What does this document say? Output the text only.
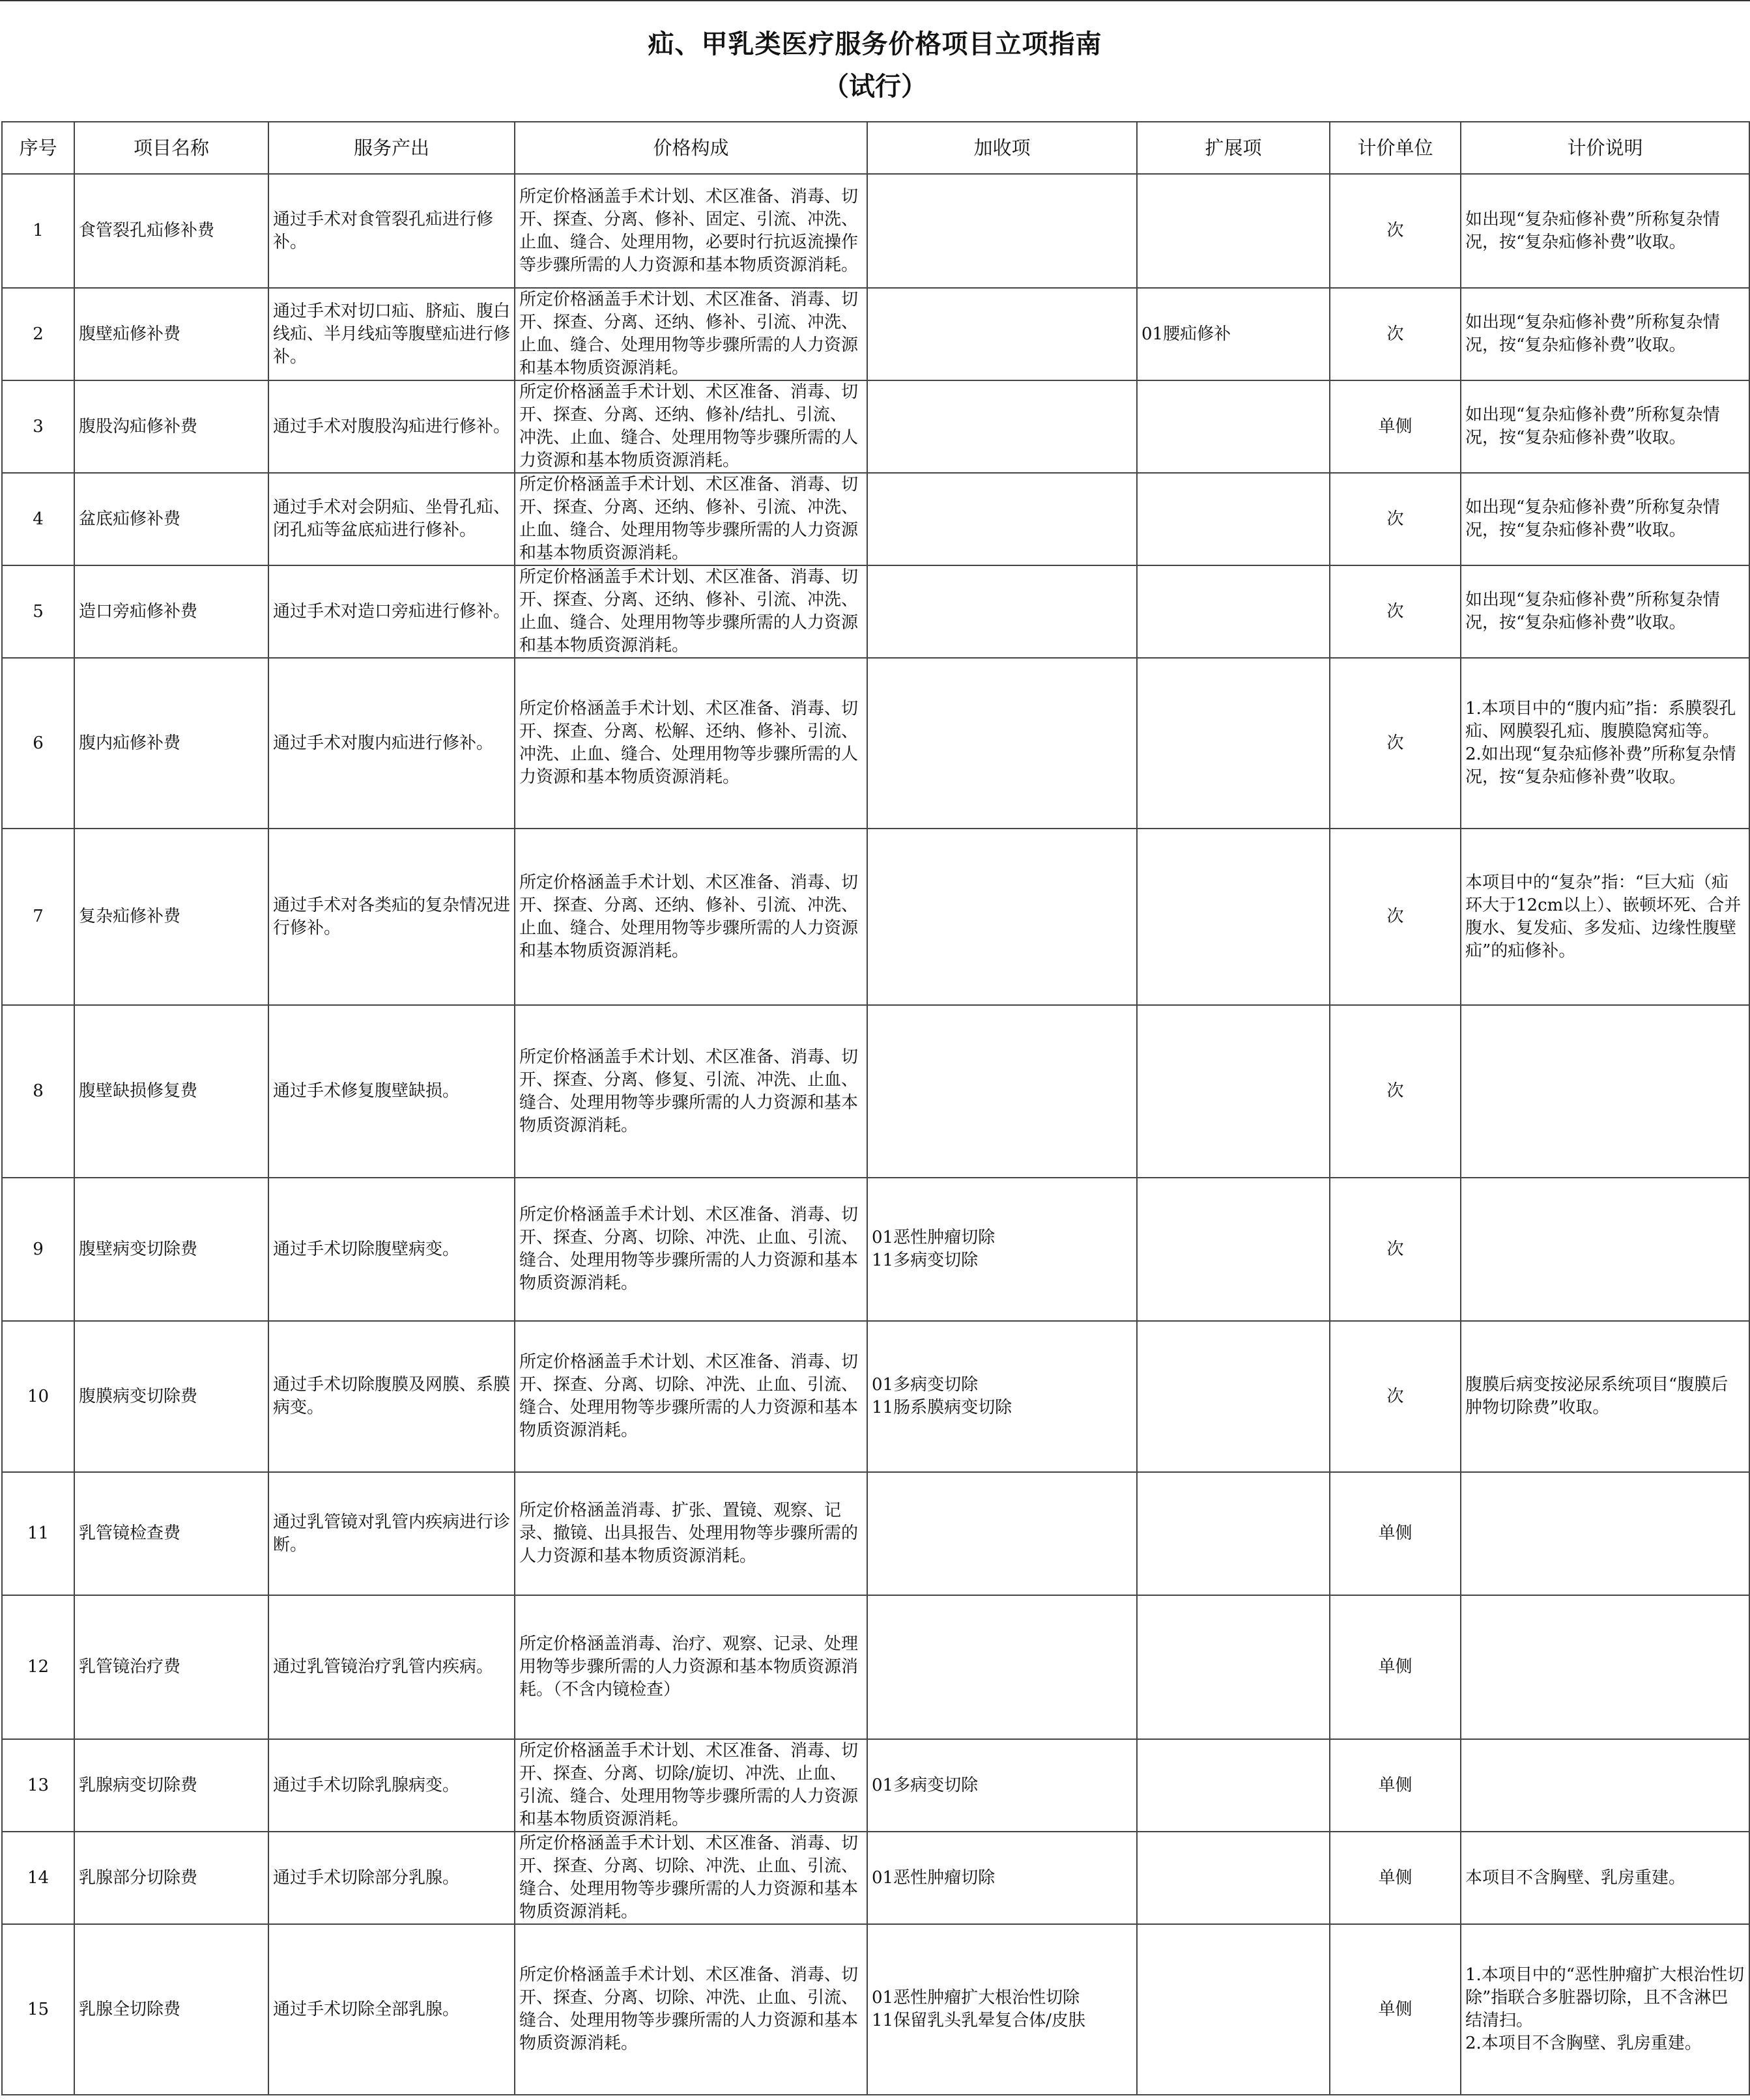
疝、甲乳类医疗服务价格项目立项指南
（试行）
序号	项目名称	服务产出	价格构成	加收项	扩展项	计价单位	计价说明
1	食管裂孔疝修补费	通过手术对食管裂孔疝进行修补。	所定价格涵盖手术计划、术区准备、消毒、切开、探查、分离、修补、固定、引流、冲洗、止血、缝合、处理用物，必要时行抗返流操作等步骤所需的人力资源和基本物质资源消耗。			次	如出现“复杂疝修补费”所称复杂情况，按“复杂疝修补费”收取。
2	腹壁疝修补费	通过手术对切口疝、脐疝、腹白线疝、半月线疝等腹壁疝进行修补。	所定价格涵盖手术计划、术区准备、消毒、切开、探查、分离、还纳、修补、引流、冲洗、止血、缝合、处理用物等步骤所需的人力资源和基本物质资源消耗。		01腰疝修补	次	如出现“复杂疝修补费”所称复杂情况，按“复杂疝修补费”收取。
3	腹股沟疝修补费	通过手术对腹股沟疝进行修补。	所定价格涵盖手术计划、术区准备、消毒、切开、探查、分离、还纳、修补/结扎、引流、冲洗、止血、缝合、处理用物等步骤所需的人力资源和基本物质资源消耗。			单侧	如出现“复杂疝修补费”所称复杂情况，按“复杂疝修补费”收取。
4	盆底疝修补费	通过手术对会阴疝、坐骨孔疝、闭孔疝等盆底疝进行修补。	所定价格涵盖手术计划、术区准备、消毒、切开、探查、分离、还纳、修补、引流、冲洗、止血、缝合、处理用物等步骤所需的人力资源和基本物质资源消耗。			次	如出现“复杂疝修补费”所称复杂情况，按“复杂疝修补费”收取。
5	造口旁疝修补费	通过手术对造口旁疝进行修补。	所定价格涵盖手术计划、术区准备、消毒、切开、探查、分离、还纳、修补、引流、冲洗、止血、缝合、处理用物等步骤所需的人力资源和基本物质资源消耗。			次	如出现“复杂疝修补费”所称复杂情况，按“复杂疝修补费”收取。
6	腹内疝修补费	通过手术对腹内疝进行修补。	所定价格涵盖手术计划、术区准备、消毒、切开、探查、分离、松解、还纳、修补、引流、冲洗、止血、缝合、处理用物等步骤所需的人力资源和基本物质资源消耗。			次	1.本项目中的“腹内疝”指：系膜裂孔疝、网膜裂孔疝、腹膜隐窝疝等。
2.如出现“复杂疝修补费”所称复杂情况，按“复杂疝修补费”收取。
7	复杂疝修补费	通过手术对各类疝的复杂情况进行修补。	所定价格涵盖手术计划、术区准备、消毒、切开、探查、分离、还纳、修补、引流、冲洗、止血、缝合、处理用物等步骤所需的人力资源和基本物质资源消耗。			次	本项目中的“复杂”指：“巨大疝（疝环大于12cm以上）、嵌顿坏死、合并腹水、复发疝、多发疝、边缘性腹壁疝”的疝修补。
8	腹壁缺损修复费	通过手术修复腹壁缺损。	所定价格涵盖手术计划、术区准备、消毒、切开、探查、分离、修复、引流、冲洗、止血、缝合、处理用物等步骤所需的人力资源和基本物质资源消耗。			次	
9	腹壁病变切除费	通过手术切除腹壁病变。	所定价格涵盖手术计划、术区准备、消毒、切开、探查、分离、切除、冲洗、止血、引流、缝合、处理用物等步骤所需的人力资源和基本物质资源消耗。	01恶性肿瘤切除
11多病变切除		次	
10	腹膜病变切除费	通过手术切除腹膜及网膜、系膜病变。	所定价格涵盖手术计划、术区准备、消毒、切开、探查、分离、切除、冲洗、止血、引流、缝合、处理用物等步骤所需的人力资源和基本物质资源消耗。	01多病变切除
11肠系膜病变切除		次	腹膜后病变按泌尿系统项目“腹膜后肿物切除费”收取。
11	乳管镜检查费	通过乳管镜对乳管内疾病进行诊断。	所定价格涵盖消毒、扩张、置镜、观察、记录、撤镜、出具报告、处理用物等步骤所需的人力资源和基本物质资源消耗。			单侧	
12	乳管镜治疗费	通过乳管镜治疗乳管内疾病。	所定价格涵盖消毒、治疗、观察、记录、处理用物等步骤所需的人力资源和基本物质资源消耗。（不含内镜检查）			单侧	
13	乳腺病变切除费	通过手术切除乳腺病变。	所定价格涵盖手术计划、术区准备、消毒、切开、探查、分离、切除/旋切、冲洗、止血、引流、缝合、处理用物等步骤所需的人力资源和基本物质资源消耗。	01多病变切除		单侧	
14	乳腺部分切除费	通过手术切除部分乳腺。	所定价格涵盖手术计划、术区准备、消毒、切开、探查、分离、切除、冲洗、止血、引流、缝合、处理用物等步骤所需的人力资源和基本物质资源消耗。	01恶性肿瘤切除		单侧	本项目不含胸壁、乳房重建。
15	乳腺全切除费	通过手术切除全部乳腺。	所定价格涵盖手术计划、术区准备、消毒、切开、探查、分离、切除、冲洗、止血、引流、缝合、处理用物等步骤所需的人力资源和基本物质资源消耗。	01恶性肿瘤扩大根治性切除
11保留乳头乳晕复合体/皮肤		单侧	1.本项目中的“恶性肿瘤扩大根治性切除”指联合多脏器切除，且不含淋巴结清扫。
2.本项目不含胸壁、乳房重建。
